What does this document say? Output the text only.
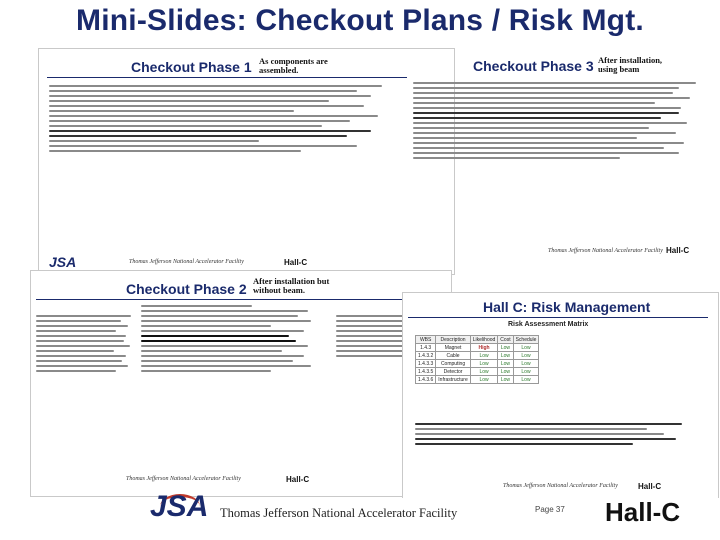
Mini-Slides: Checkout Plans / Risk Mgt.
Checkout Phase 1 As components are assembled.
JSA	Thomas Jefferson National Accelerator Facility	Hall-C
Checkout Phase 3 After installation, using beam
Thomas Jefferson National Accelerator Facility Hall-C
Checkout Phase 2 After installation but without beam.
Thomas Jefferson National Accelerator Facility	Hall-C
Hall C: Risk Management
Risk Assessment Matrix
Thomas Jefferson National Accelerator Facility	Hall-C
WBS	Description	Likelihood	Cost	Schedule
1.4.3	Magnet	High	Low	Low
1.4.3.2	Cable	Low	Low	Low
1.4.3.3	Computing	Low	Low	Low
1.4.3.5	Detector	Low	Low	Low
1.4.3.6	Infrastructure	Low	Low	Low
JSA Thomas Jefferson National Accelerator Facility	Page 37 Hall-C
